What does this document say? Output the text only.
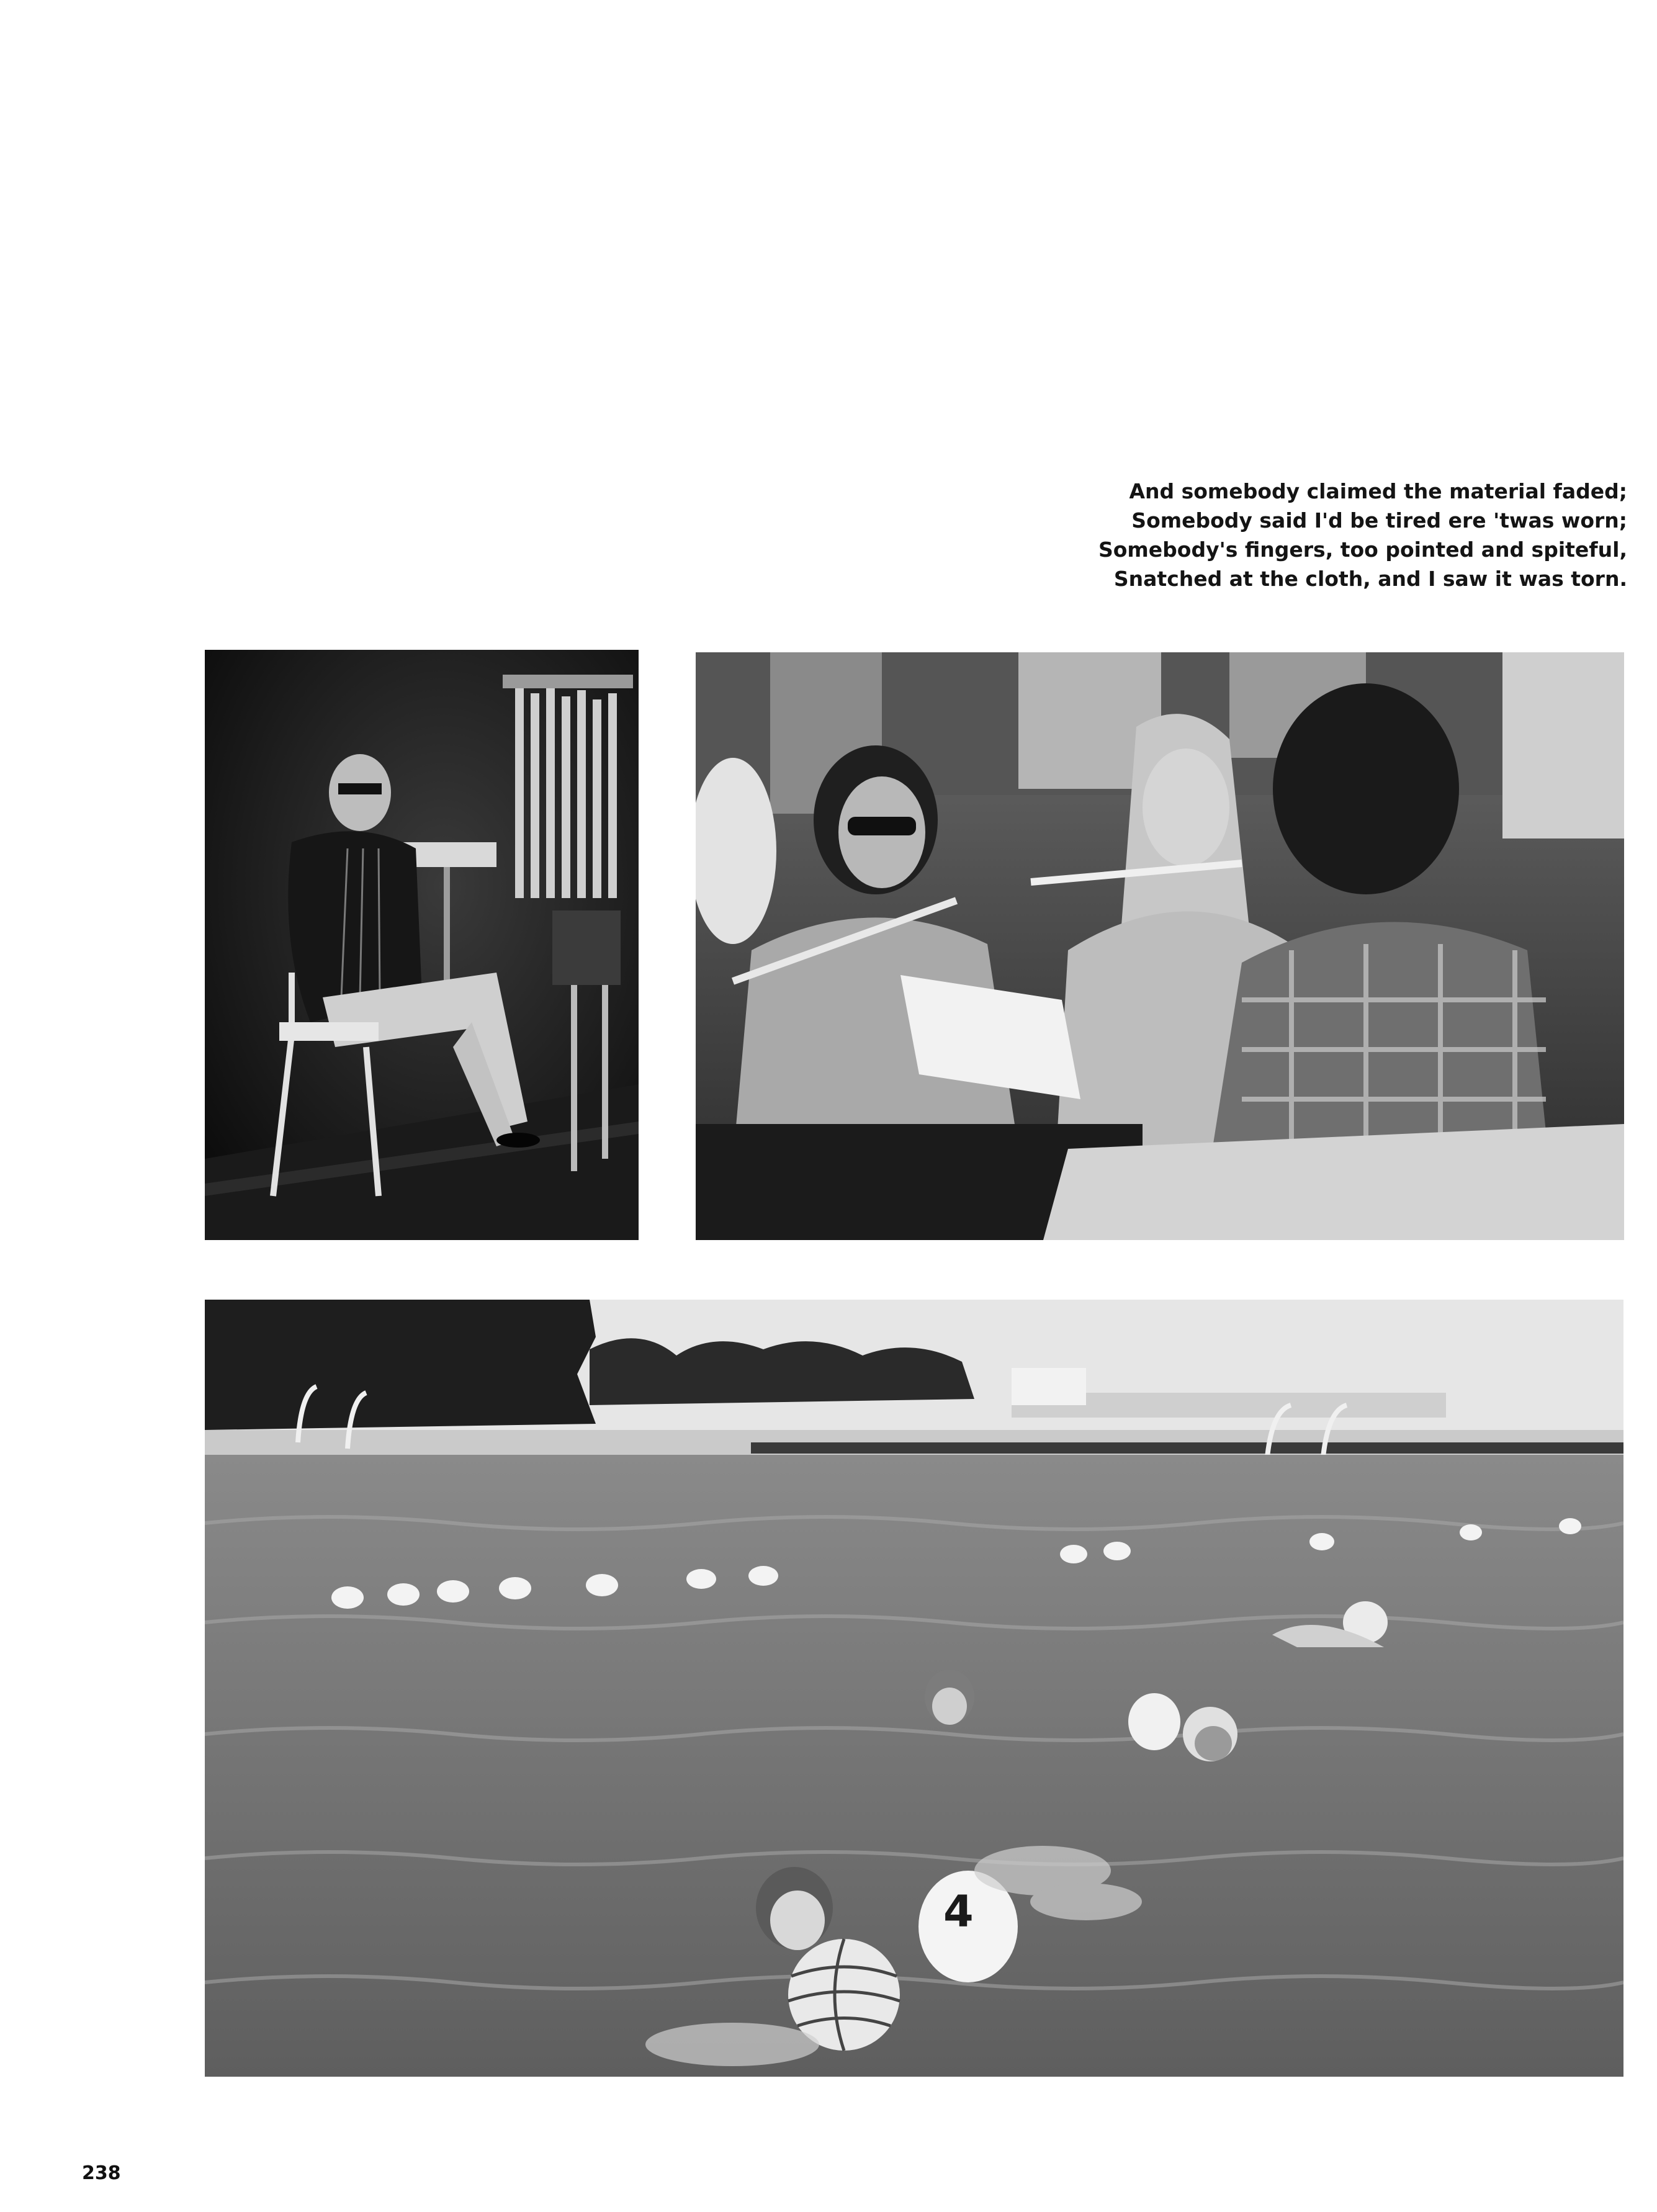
And somebody claimed the material faded;
Somebody said I'd be tired ere 'twas worn;
Somebody's fingers, too pointed and spiteful,
Snatched at the cloth, and I saw it was torn.
4
238
